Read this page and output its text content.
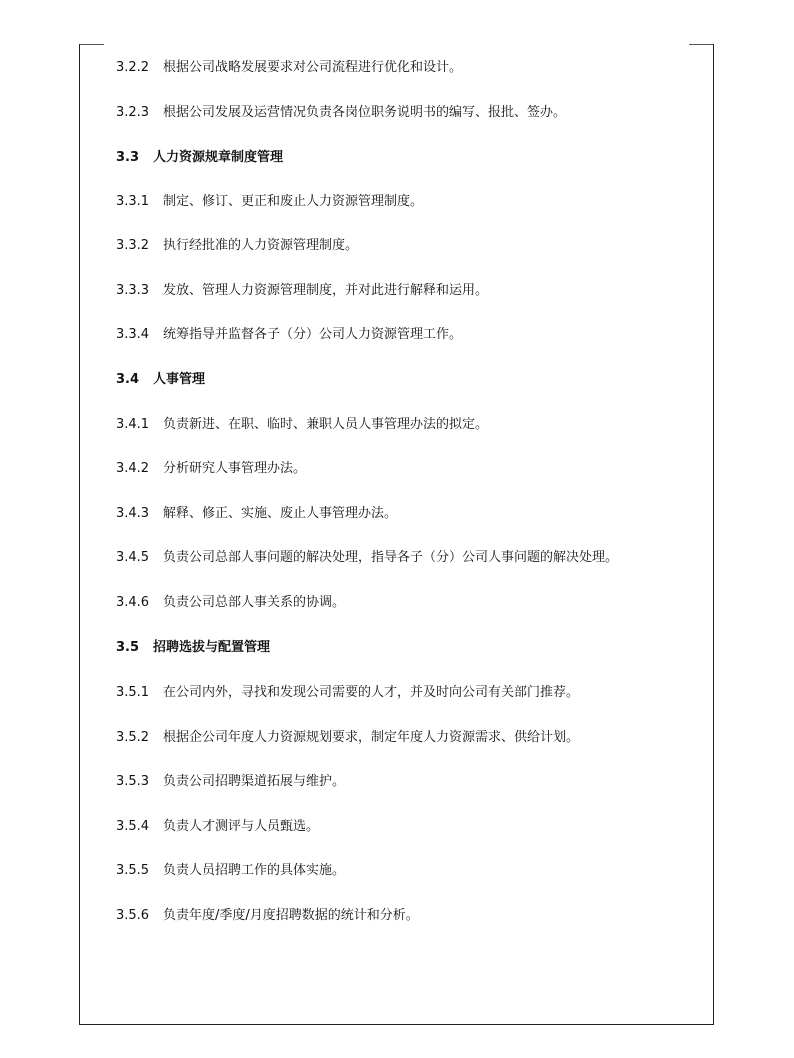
3.2.2 根据公司战略发展要求对公司流程进行优化和设计。
3.2.3 根据公司发展及运营情况负责各岗位职务说明书的编写、报批、签办。
3.3 人力资源规章制度管理
3.3.1 制定、修订、更正和废止人力资源管理制度。
3.3.2 执行经批准的人力资源管理制度。
3.3.3 发放、管理人力资源管理制度，并对此进行解释和运用。
3.3.4 统筹指导并监督各子（分）公司人力资源管理工作。
3.4 人事管理
3.4.1 负责新进、在职、临时、兼职人员人事管理办法的拟定。
3.4.2 分析研究人事管理办法。
3.4.3 解释、修正、实施、废止人事管理办法。
3.4.5 负责公司总部人事问题的解决处理，指导各子（分）公司人事问题的解决处理。
3.4.6 负责公司总部人事关系的协调。
3.5 招聘选拔与配置管理
3.5.1 在公司内外，寻找和发现公司需要的人才，并及时向公司有关部门推荐。
3.5.2 根据企公司年度人力资源规划要求，制定年度人力资源需求、供给计划。
3.5.3 负责公司招聘渠道拓展与维护。
3.5.4 负责人才测评与人员甄选。
3.5.5 负责人员招聘工作的具体实施。
3.5.6 负责年度/季度/月度招聘数据的统计和分析。
